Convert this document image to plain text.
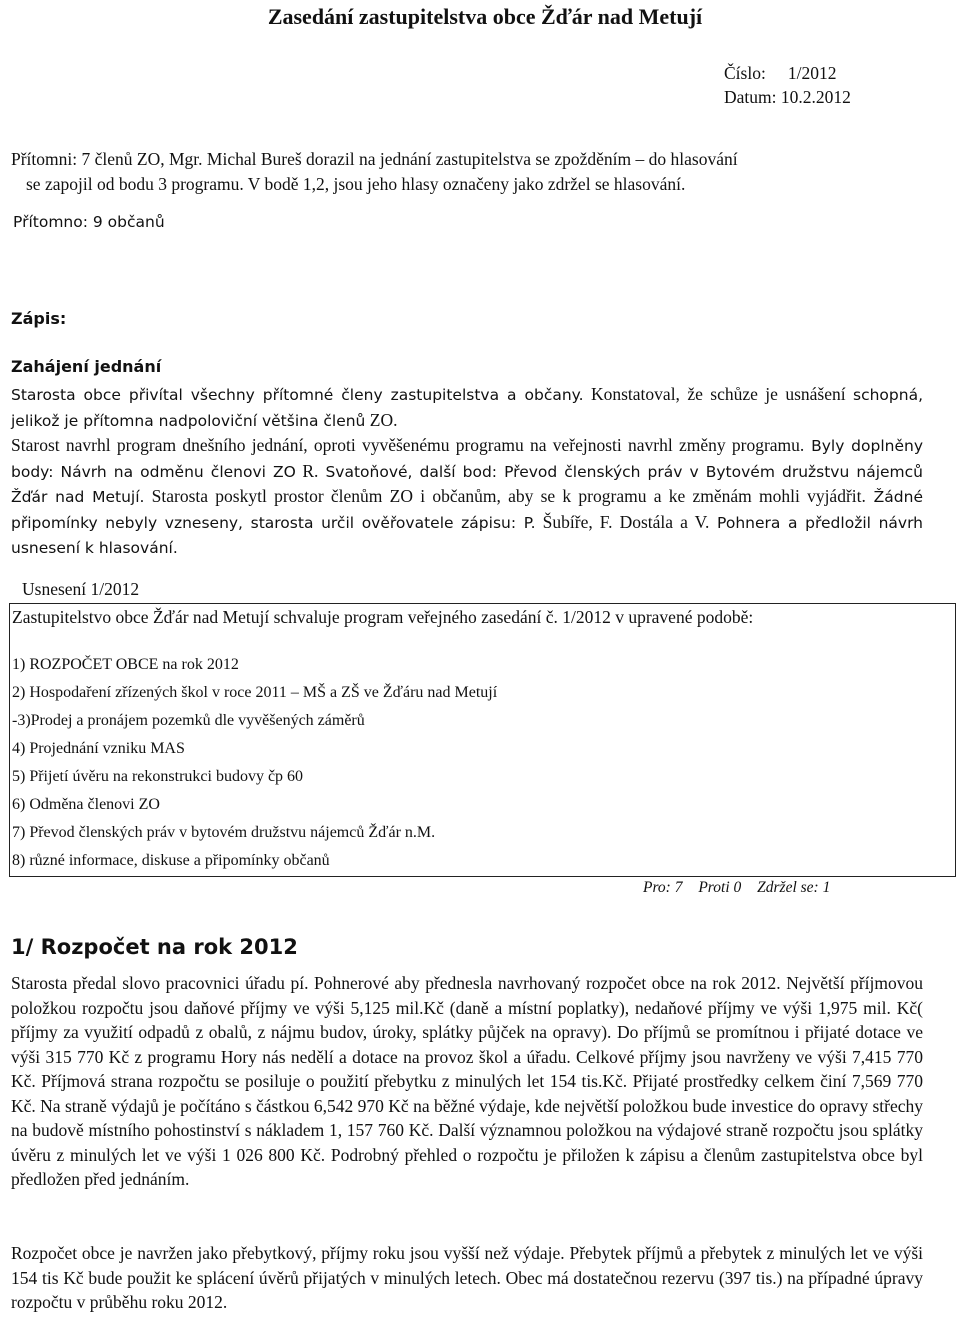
Zasedání zastupitelstva obce Žďár nad Metují
Číslo: 1/2012
Datum: 10.2.2012
Přítomni: 7 členů ZO, Mgr. Michal Bureš dorazil na jednání zastupitelstva se zpožděním – do hlasování
se zapojil od bodu 3 programu. V bodě 1,2, jsou jeho hlasy označeny jako zdržel se hlasování.
Přítomno: 9 občanů
Zápis:
Zahájení jednání
Starosta obce přivítal všechny přítomné členy zastupitelstva a občany. Konstatoval, že schůze je usnášení schopná, jelikož je přítomna nadpoloviční většina členů ZO.
Starost navrhl program dnešního jednání, oproti vyvěšenému programu na veřejnosti navrhl změny programu. Byly doplněny body: Návrh na odměnu členovi ZO R. Svatoňové, další bod: Převod členských práv v Bytovém družstvu nájemců Žďár nad Metují. Starosta poskytl prostor členům ZO i občanům, aby se k programu a ke změnám mohli vyjádřit. Žádné připomínky nebyly vzneseny, starosta určil ověřovatele zápisu: P. Šubíře, F. Dostála a V. Pohnera a předložil návrh usnesení k hlasování.
Usnesení 1/2012
Zastupitelstvo obce Žďár nad Metují schvaluje program veřejného zasedání č. 1/2012 v upravené podobě:
1) ROZPOČET OBCE na rok 2012
2) Hospodaření zřízených škol v roce 2011 – MŠ a ZŠ ve Žďáru nad Metují
-3)Prodej a pronájem pozemků dle vyvěšených záměrů
4) Projednání vzniku MAS
5) Přijetí úvěru na rekonstrukci budovy čp 60
6) Odměna členovi ZO
7) Převod členských práv v bytovém družstvu nájemců Žďár n.M.
8) různé informace, diskuse a připomínky občanů
Pro: 7 Proti 0 Zdržel se: 1
1/ Rozpočet na rok 2012
Starosta předal slovo pracovnici úřadu pí. Pohnerové aby přednesla navrhovaný rozpočet obce na rok 2012. Největší příjmovou položkou rozpočtu jsou daňové příjmy ve výši 5,125 mil.Kč (daně a místní poplatky), nedaňové příjmy ve výši 1,975 mil. Kč( příjmy za využití odpadů z obalů, z nájmu budov, úroky, splátky půjček na opravy). Do příjmů se promítnou i přijaté dotace ve výši 315 770 Kč z programu Hory nás nedělí a dotace na provoz škol a úřadu. Celkové příjmy jsou navrženy ve výši 7,415 770 Kč. Příjmová strana rozpočtu se posiluje o použití přebytku z minulých let 154 tis.Kč. Přijaté prostředky celkem činí 7,569 770 Kč. Na straně výdajů je počítáno s částkou 6,542 970 Kč na běžné výdaje, kde největší položkou bude investice do opravy střechy na budově místního pohostinství s nákladem 1, 157 760 Kč. Další významnou položkou na výdajové straně rozpočtu jsou splátky úvěru z minulých let ve výši 1 026 800 Kč. Podrobný přehled o rozpočtu je přiložen k zápisu a členům zastupitelstva obce byl předložen před jednáním.
Rozpočet obce je navržen jako přebytkový, příjmy roku jsou vyšší než výdaje. Přebytek příjmů a přebytek z minulých let ve výši 154 tis Kč bude použit ke splácení úvěrů přijatých v minulých letech. Obec má dostatečnou rezervu (397 tis.) na případné úpravy rozpočtu v průběhu roku 2012.
